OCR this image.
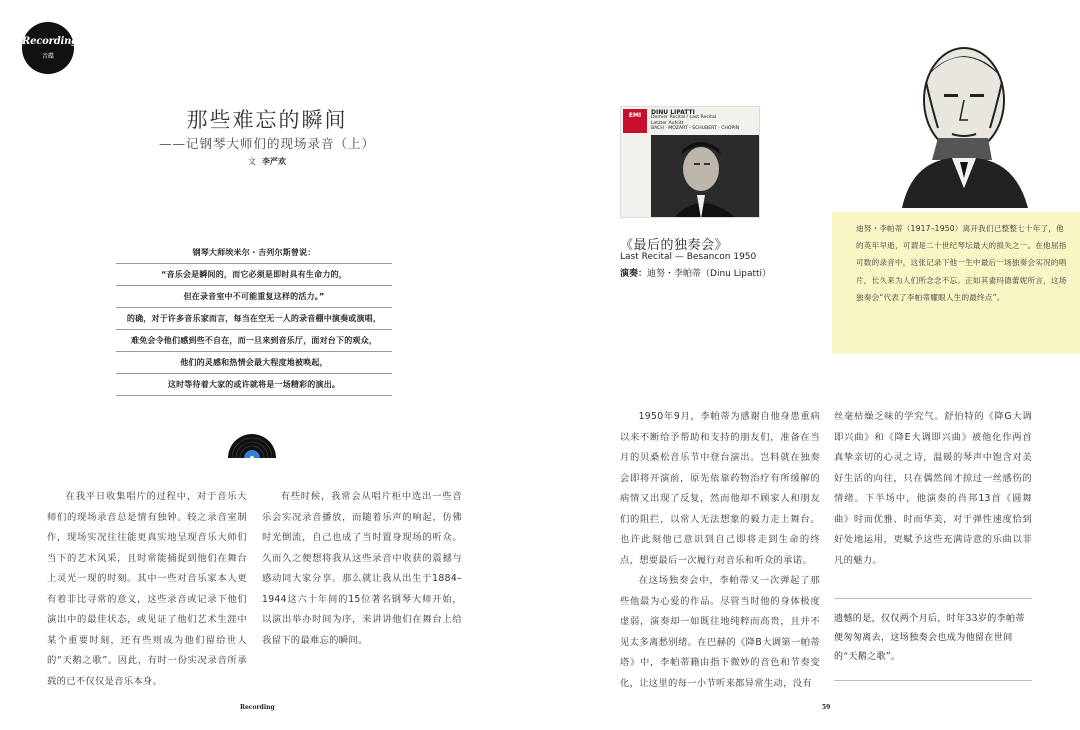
Recording
音碟
那些难忘的瞬间
——记钢琴大师们的现场录音（上）
文 李严欢
钢琴大师埃米尔・吉列尔斯曾说：
“音乐会是瞬间的，而它必须是即时具有生命力的，
但在录音室中不可能重复这样的活力。”
的确，对于许多音乐家而言，每当在空无一人的录音棚中演奏或演唱，
难免会令他们感到些不自在，而一旦来到音乐厅，面对台下的观众，
他们的灵感和热情会最大程度地被唤起，
这时等待着大家的或许就将是一场精彩的演出。

在我平日收集唱片的过程中，对于音乐大师们的现场录音总是情有独钟。较之录音室制作，现场实况往往能更真实地呈现音乐大师们当下的艺术风采，且时常能捕捉到他们在舞台上灵光一现的时刻。其中一些对音乐家本人更有着非比寻常的意义，这些录音或记录下他们演出中的最佳状态，或见证了他们艺术生涯中某个重要时刻，还有些则成为他们留给世人的“天鹅之歌”。因此，有时一份实况录音所承载的已不仅仅是音乐本身。

有些时候，我常会从唱片柜中选出一些音乐会实况录音播放，而随着乐声的响起，仿佛时光倒流，自己也成了当时置身现场的听众。久而久之便想将我从这些录音中收获的震撼与感动同大家分享。那么就让我从出生于1884–1944这六十年间的15位著名钢琴大师开始，以演出举办时间为序，来讲讲他们在舞台上给我留下的最难忘的瞬间。

Recording
EMI	DINU LIPATTI
Dernier Recital / Last Recital
Letzter Aufsitt
BACH · MOZART · SCHUBERT · CHOPIN
《最后的独奏会》
Last Recital — Besancon 1950
演奏：迪努・李帕蒂（Dinu Lipatti）
迪努・李帕蒂（1917–1950）离开我们已整整七十年了，他的英年早逝，可谓是二十世纪琴坛最大的损失之一。在他屈指可数的录音中，这张记录下他一生中最后一场独奏会实况的唱片，长久来为人们所念念不忘。正如其妻玛德蕾妮所言，这场独奏会“代表了李帕蒂耀眼人生的最终点”。

1950年9月，李帕蒂为感谢自他身患重病以来不断给予帮助和支持的朋友们，准备在当月的贝桑松音乐节中登台演出。岂料就在独奏会即将开演前，原先依靠药物治疗有所缓解的病情又出现了反复，然而他却不顾家人和朋友们的阻拦，以常人无法想象的毅力走上舞台。也许此刻他已意识到自己即将走到生命的终点，想要最后一次履行对音乐和听众的承诺。

在这场独奏会中，李帕蒂又一次弹起了那些他最为心爱的作品。尽管当时他的身体极度虚弱，演奏却一如既往地纯粹而高贵，且并不见太多离愁别绪。在巴赫的《降B大调第一帕蒂塔》中，李帕蒂籍由指下微妙的音色和节奏变化，让这里的每一小节听来都异常生动，没有

丝毫枯燥乏味的学究气。舒伯特的《降G大调即兴曲》和《降E大调即兴曲》被他化作两首真挚亲切的心灵之诗，温暖的琴声中饱含对美好生活的向往，只在偶然间才掠过一丝感伤的情绪。下半场中，他演奏的肖邦13首《圆舞曲》时而优雅、时而华美，对于弹性速度恰到好处地运用，更赋予这些充满诗意的乐曲以非凡的魅力。

遗憾的是，仅仅两个月后，时年33岁的李帕蒂便匆匆离去，这场独奏会也成为他留在世间的“天鹅之歌”。
59
